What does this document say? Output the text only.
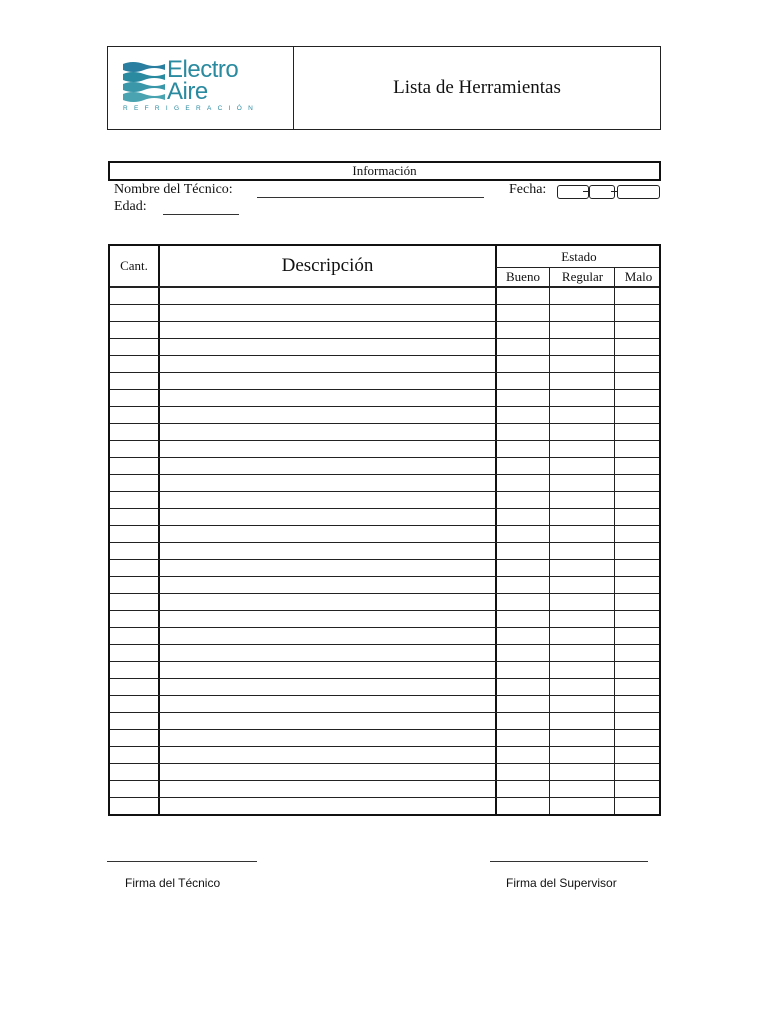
Electro
Aire
REFRIGERACIÓN
Lista de Herramientas
Información
Nombre del Técnico:	Fecha:
Edad:
Cant.	Descripción	Estado
Bueno	Regular	Malo
Firma del Técnico	Firma del Supervisor
